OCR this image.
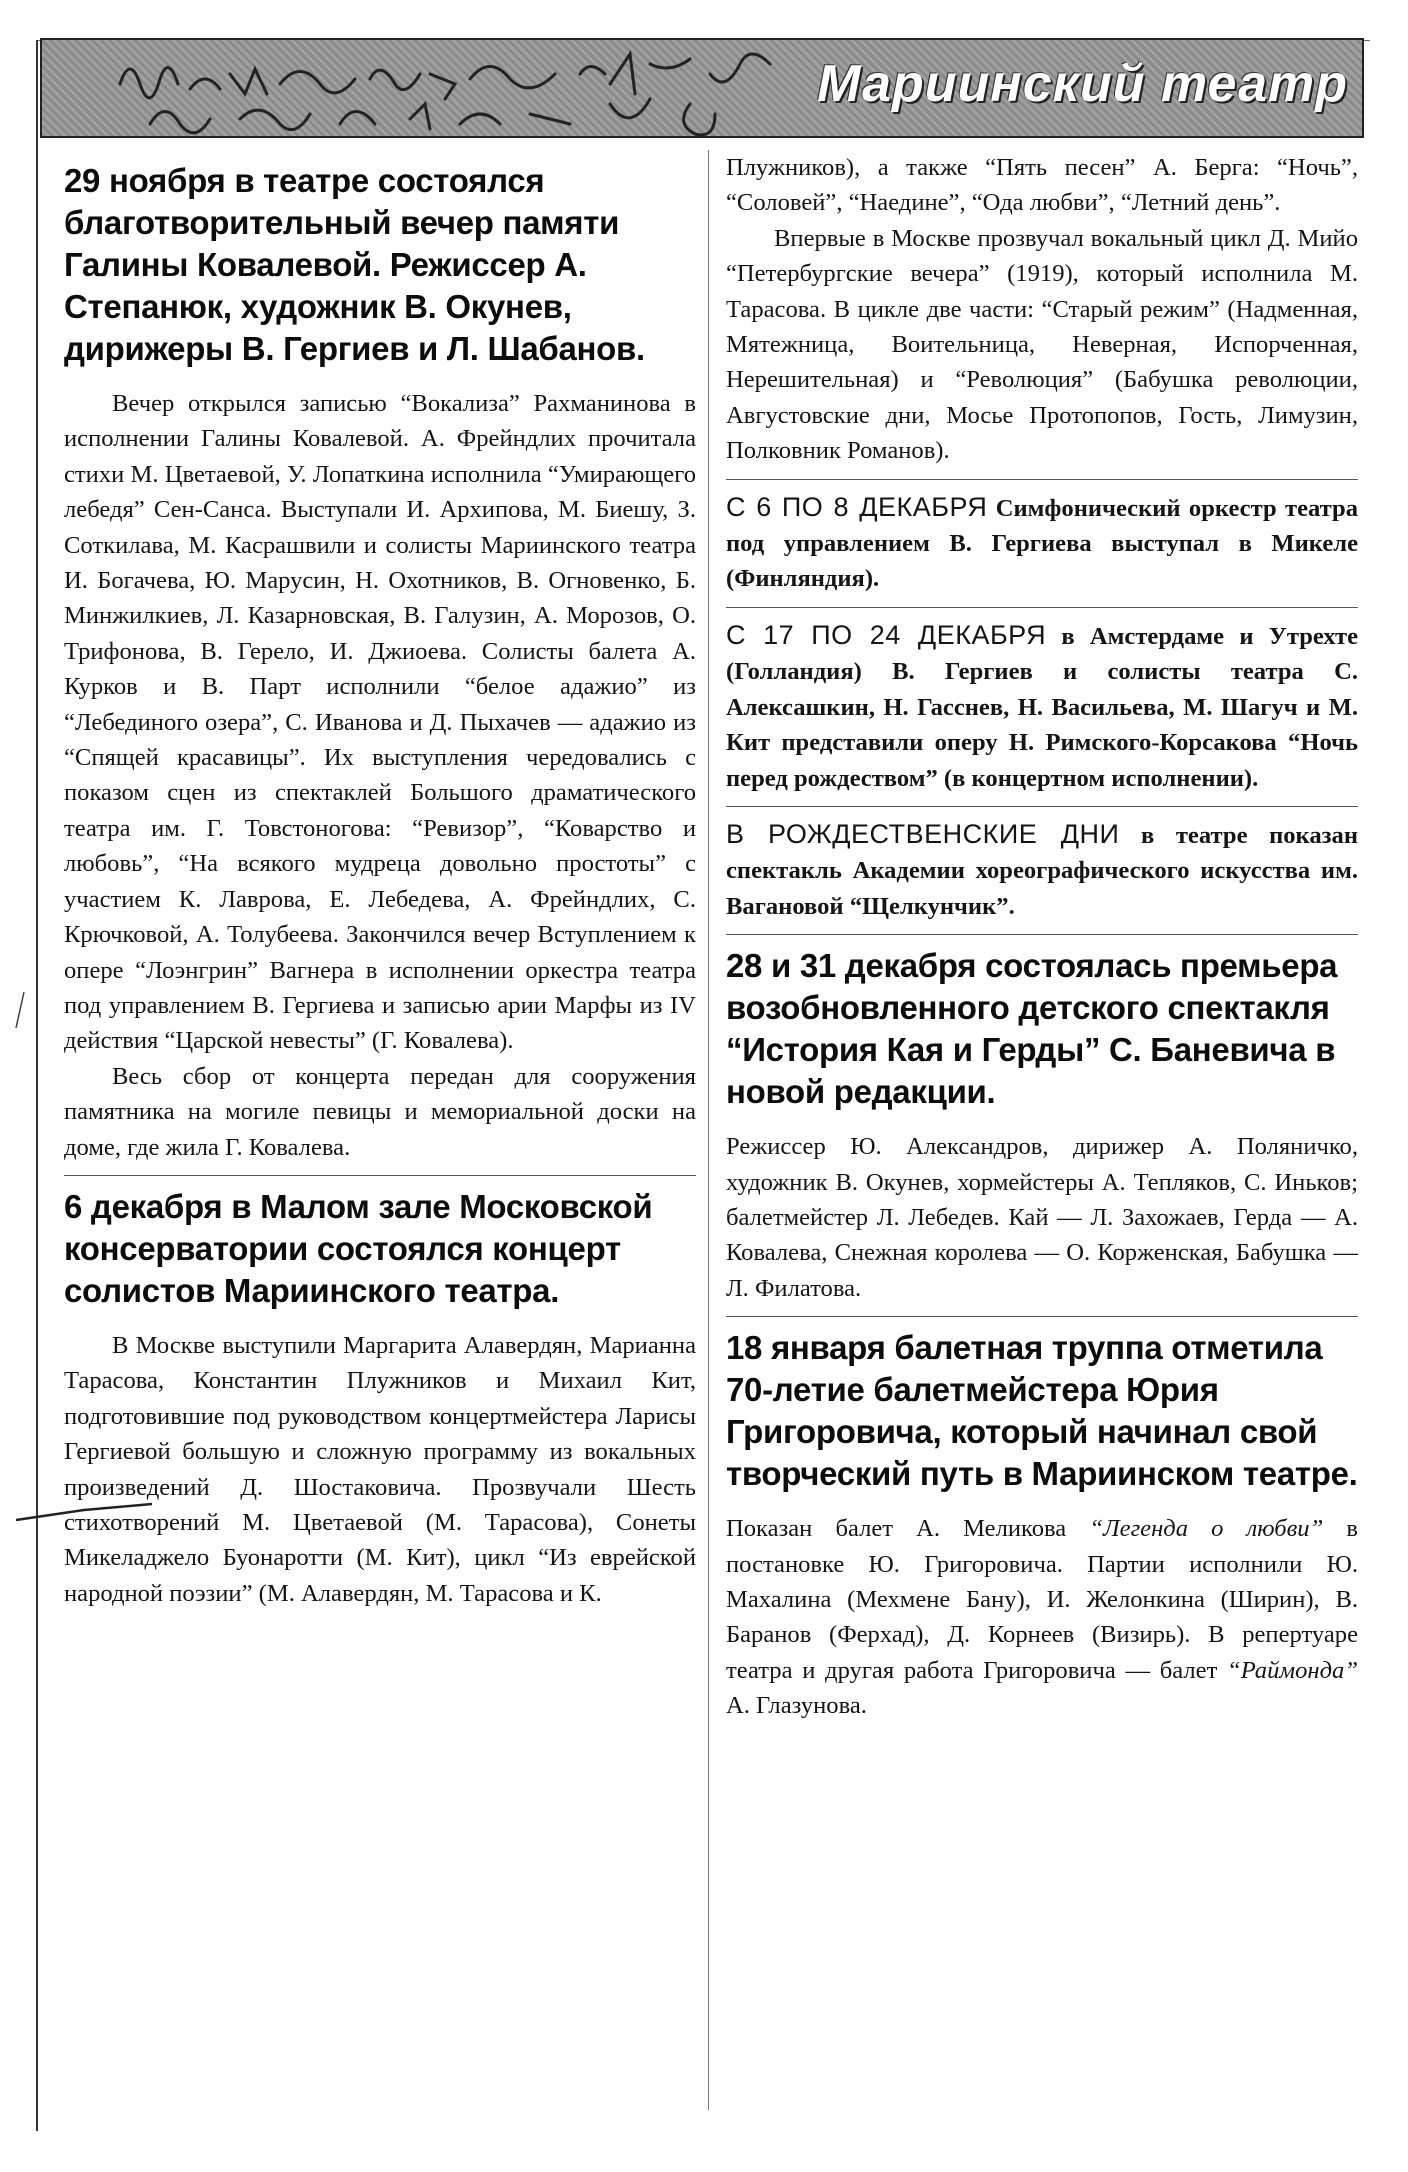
Мариинский театр
29 ноября в театре состоялся благотворительный вечер памяти Галины Ковалевой. Режиссер А. Степанюк, художник В. Окунев, дирижеры В. Гергиев и Л. Шабанов.

Вечер открылся записью “Вокализа” Рахманинова в исполнении Галины Ковалевой. А. Фрейндлих прочитала стихи М. Цветаевой, У. Лопаткина исполнила “Умирающего лебедя” Сен-Санса. Выступали И. Архипова, М. Биешу, З. Соткилава, М. Касрашвили и солисты Мариинского театра И. Богачева, Ю. Марусин, Н. Охотников, В. Огновенко, Б. Минжилкиев, Л. Казарновская, В. Галузин, А. Морозов, О. Трифонова, В. Герело, И. Джиоева. Солисты балета А. Курков и В. Парт исполнили “белое адажио” из “Лебединого озера”, С. Иванова и Д. Пыхачев — адажио из “Спящей красавицы”. Их выступления чередовались с показом сцен из спектаклей Большого драматического театра им. Г. Товстоногова: “Ревизор”, “Коварство и любовь”, “На всякого мудреца довольно простоты” с участием К. Лаврова, Е. Лебедева, А. Фрейндлих, С. Крючковой, А. Толубеева. Закончился вечер Вступлением к опере “Лоэнгрин” Вагнера в исполнении оркестра театра под управлением В. Гергиева и записью арии Марфы из IV действия “Царской невесты” (Г. Ковалева).

Весь сбор от концерта передан для сооружения памятника на могиле певицы и мемориальной доски на доме, где жила Г. Ковалева.

6 декабря в Малом зале Московской консерватории состоялся концерт солистов Мариинского театра.

В Москве выступили Маргарита Алавердян, Марианна Тарасова, Константин Плужников и Михаил Кит, подготовившие под руководством концертмейстера Ларисы Гергиевой большую и сложную программу из вокальных произведений Д. Шостаковича. Прозвучали Шесть стихотворений М. Цветаевой (М. Тарасова), Сонеты Микеладжело Буонаротти (М. Кит), цикл “Из еврейской народной поэзии” (М. Алавердян, М. Тарасова и К.

Плужников), а также “Пять песен” А. Берга: “Ночь”, “Соловей”, “Наедине”, “Ода любви”, “Летний день”.

Впервые в Москве прозвучал вокальный цикл Д. Мийо “Петербургские вечера” (1919), который исполнила М. Тарасова. В цикле две части: “Старый режим” (Надменная, Мятежница, Воительница, Неверная, Испорченная, Нерешительная) и “Революция” (Бабушка революции, Августовские дни, Мосье Протопопов, Гость, Лимузин, Полковник Романов).

С 6 ПО 8 ДЕКАБРЯ Симфонический оркестр театра под управлением В. Гергиева выступал в Микеле (Финляндия).

С 17 ПО 24 ДЕКАБРЯ в Амстердаме и Утрехте (Голландия) В. Гергиев и солисты театра С. Алексашкин, Н. Гасснев, Н. Васильева, М. Шагуч и М. Кит представили оперу Н. Римского-Корсакова “Ночь перед рождеством” (в концертном исполнении).

В РОЖДЕСТВЕНСКИЕ ДНИ в театре показан спектакль Академии хореографического искусства им. Вагановой “Щелкунчик”.

28 и 31 декабря состоялась премьера возобновленного детского спектакля “История Кая и Герды” С. Баневича в новой редакции.

Режиссер Ю. Александров, дирижер А. Поляничко, художник В. Окунев, хормейстеры А. Тепляков, С. Иньков; балетмейстер Л. Лебедев. Кай — Л. Захожаев, Герда — А. Ковалева, Снежная королева — О. Корженская, Бабушка — Л. Филатова.

18 января балетная труппа отметила 70-летие балетмейстера Юрия Григоровича, который начинал свой творческий путь в Мариинском театре.

Показан балет А. Меликова “Легенда о любви” в постановке Ю. Григоровича. Партии исполнили Ю. Махалина (Мехмене Бану), И. Желонкина (Ширин), В. Баранов (Ферхад), Д. Корнеев (Визирь). В репертуаре театра и другая работа Григоровича — балет “Раймонда” А. Глазунова.
